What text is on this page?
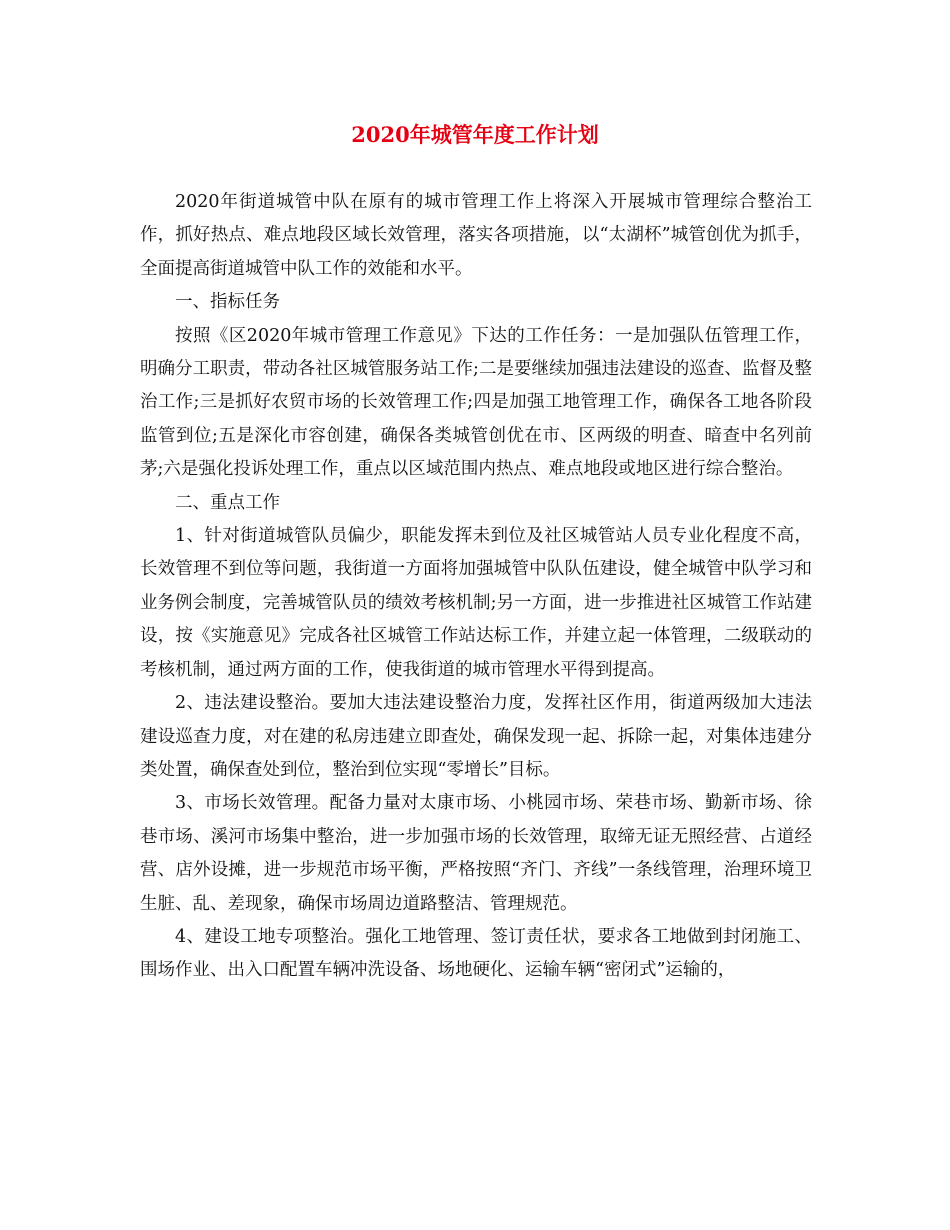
2020年城管年度工作计划

2020年街道城管中队在原有的城市管理工作上将深入开展城市管理综合整治工作，抓好热点、难点地段区域长效管理，落实各项措施，以“太湖杯”城管创优为抓手，全面提高街道城管中队工作的效能和水平。

一、指标任务

按照《区2020年城市管理工作意见》下达的工作任务：一是加强队伍管理工作，明确分工职责，带动各社区城管服务站工作;二是要继续加强违法建设的巡查、监督及整治工作;三是抓好农贸市场的长效管理工作;四是加强工地管理工作，确保各工地各阶段监管到位;五是深化市容创建，确保各类城管创优在市、区两级的明查、暗查中名列前茅;六是强化投诉处理工作，重点以区域范围内热点、难点地段或地区进行综合整治。

二、重点工作

1、针对街道城管队员偏少，职能发挥未到位及社区城管站人员专业化程度不高，长效管理不到位等问题，我街道一方面将加强城管中队队伍建设，健全城管中队学习和业务例会制度，完善城管队员的绩效考核机制;另一方面，进一步推进社区城管工作站建设，按《实施意见》完成各社区城管工作站达标工作，并建立起一体管理，二级联动的考核机制，通过两方面的工作，使我街道的城市管理水平得到提高。

2、违法建设整治。要加大违法建设整治力度，发挥社区作用，街道两级加大违法建设巡查力度，对在建的私房违建立即查处，确保发现一起、拆除一起，对集体违建分类处置，确保查处到位，整治到位实现“零增长”目标。

3、市场长效管理。配备力量对太康市场、小桃园市场、荣巷市场、勤新市场、徐巷市场、溪河市场集中整治，进一步加强市场的长效管理，取缔无证无照经营、占道经营、店外设摊，进一步规范市场平衡，严格按照“齐门、齐线”一条线管理，治理环境卫生脏、乱、差现象，确保市场周边道路整洁、管理规范。

4、建设工地专项整治。强化工地管理、签订责任状，要求各工地做到封闭施工、围场作业、出入口配置车辆冲洗设备、场地硬化、运输车辆“密闭式”运输的，
